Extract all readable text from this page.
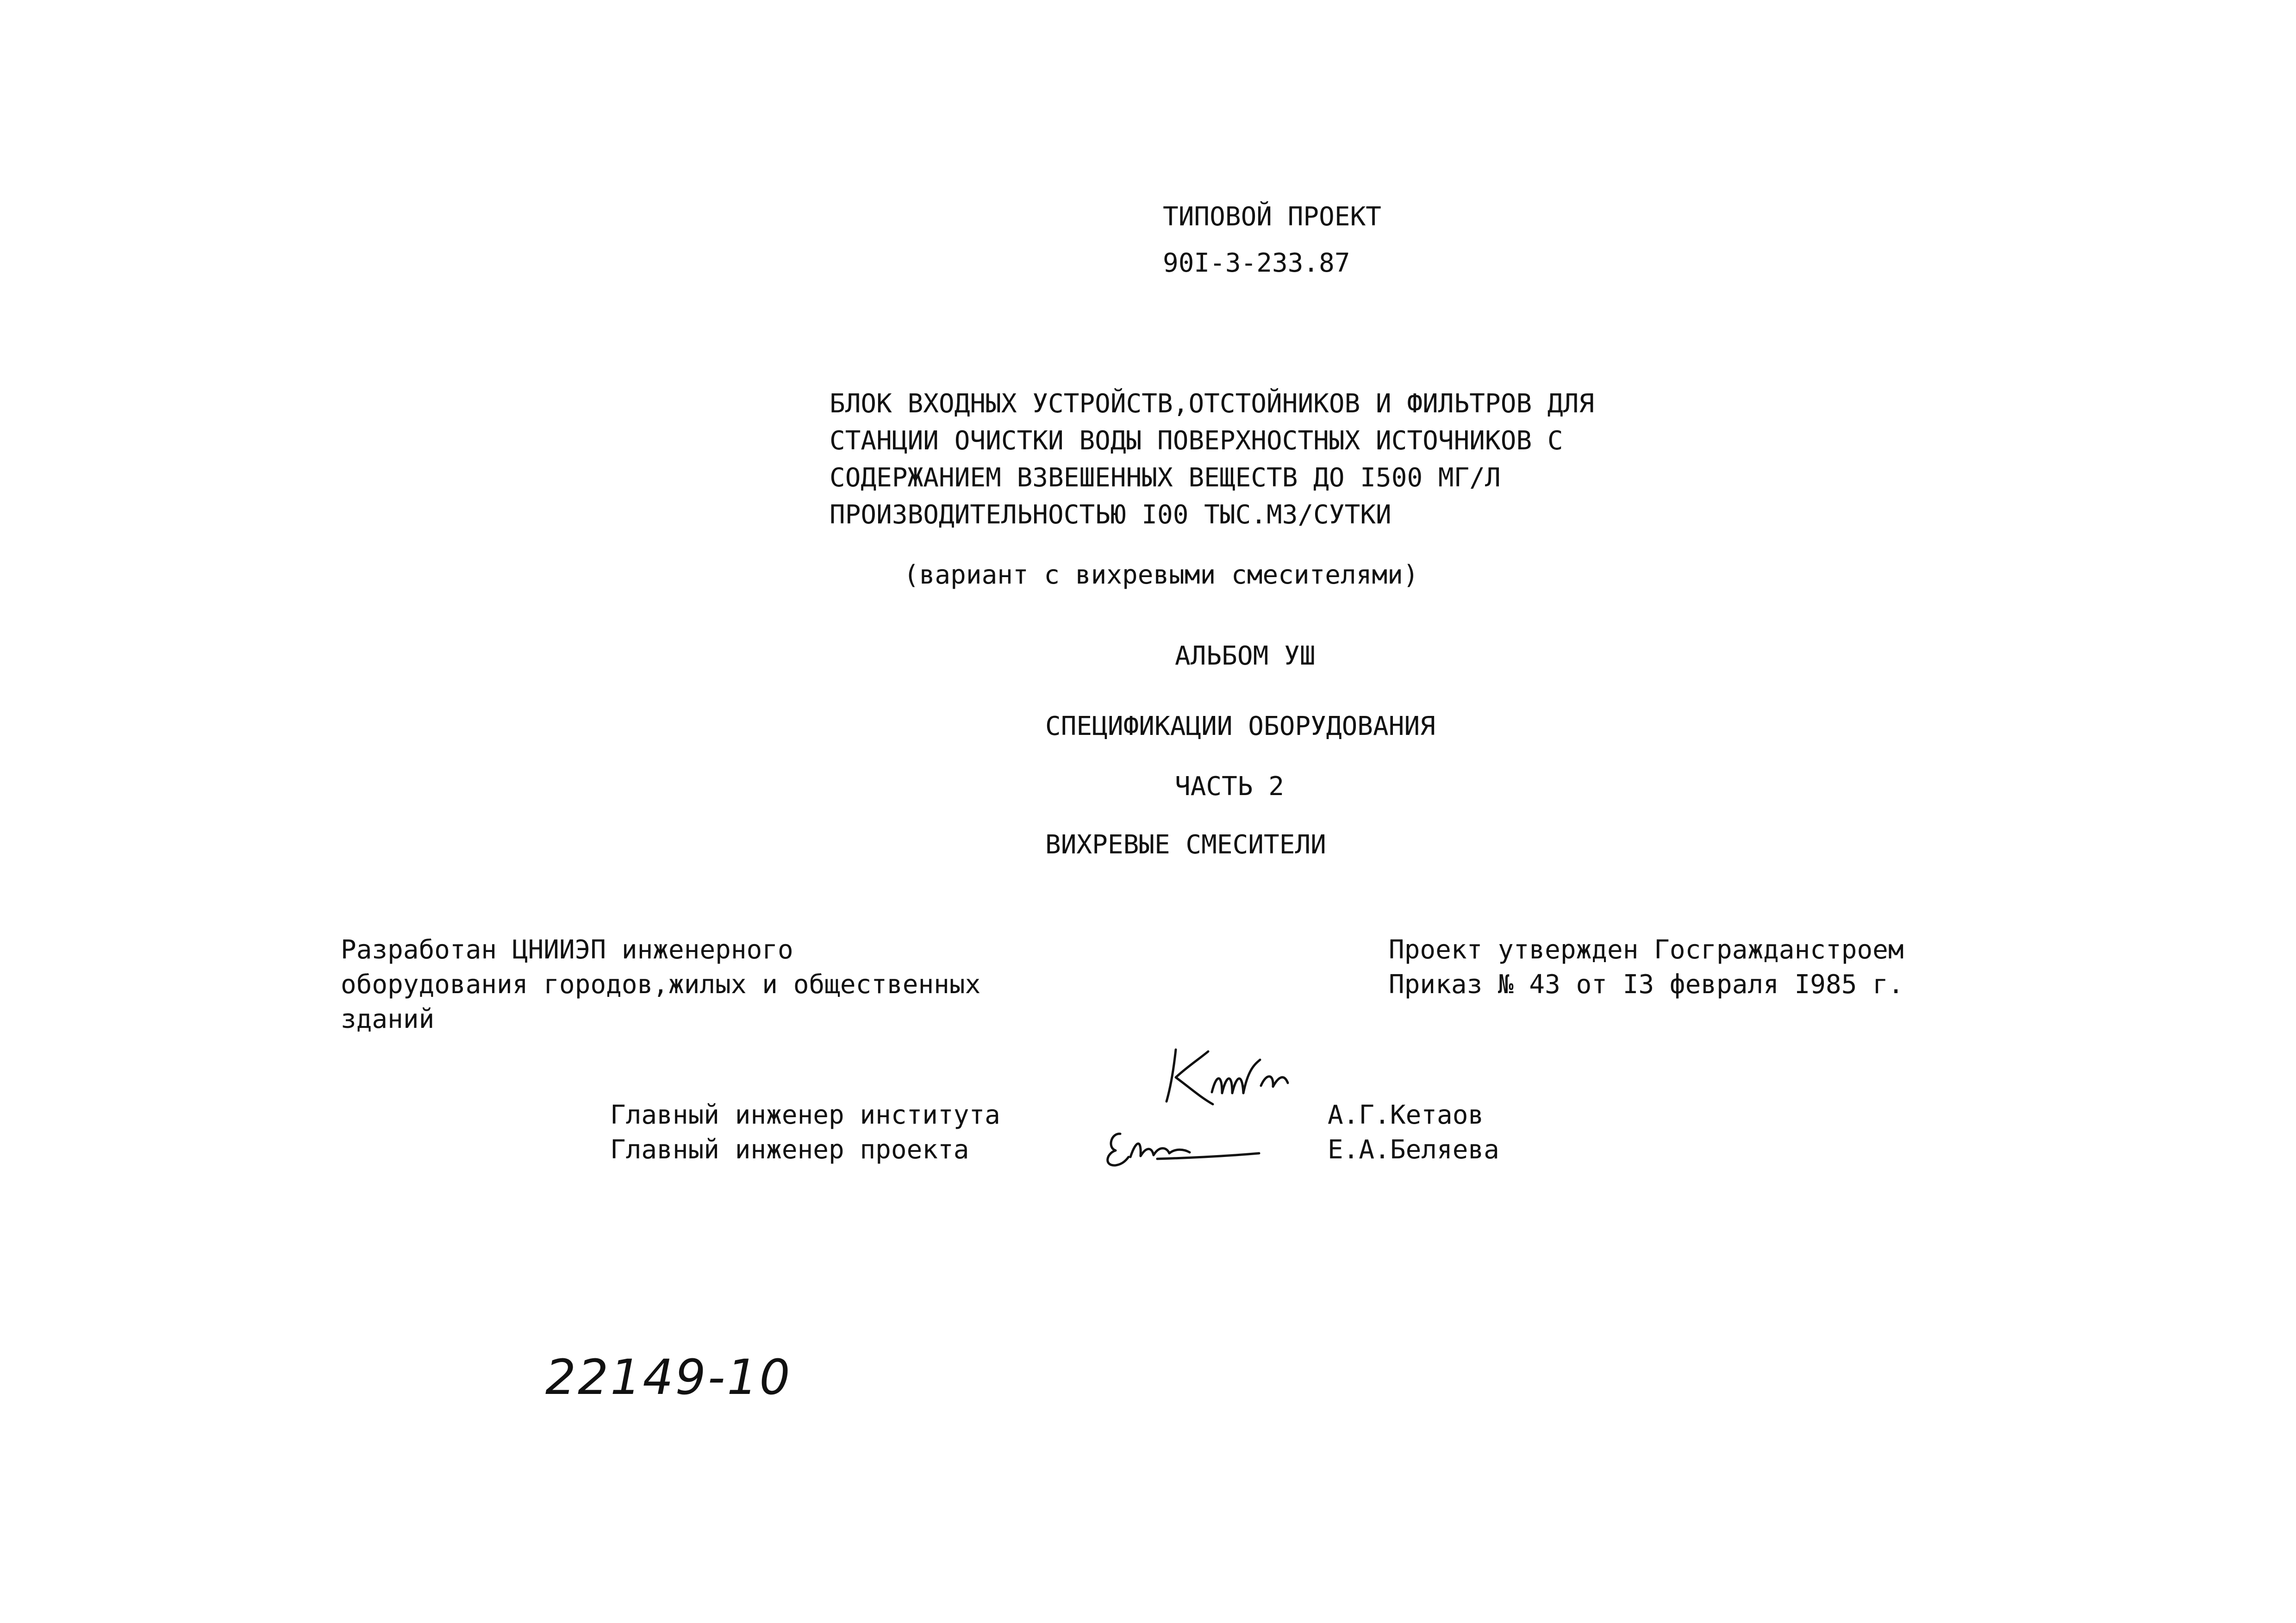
ТИПОВОЙ ПРОЕКТ
90I-3-233.87
БЛОК ВХОДНЫХ УСТРОЙСТВ,ОТСТОЙНИКОВ И ФИЛЬТРОВ ДЛЯ
СТАНЦИИ ОЧИСТКИ ВОДЫ ПОВЕРХНОСТНЫХ ИСТОЧНИКОВ С
СОДЕРЖАНИЕМ ВЗВЕШЕННЫХ ВЕЩЕСТВ ДО I500 МГ/Л
ПРОИЗВОДИТЕЛЬНОСТЬЮ I00 ТЫС.М3/СУТКИ
(вариант с вихревыми смесителями)
АЛЬБОМ УШ
СПЕЦИФИКАЦИИ ОБОРУДОВАНИЯ
ЧАСТЬ 2
ВИХРЕВЫЕ СМЕСИТЕЛИ
Разработан ЦНИИЭП инженерного
оборудования городов,жилых и общественных
зданий
Проект утвержден Госгражданстроем
Приказ № 43 от I3 февраля I985 г.
Главный инженер института
Главный инженер проекта
А.Г.Кетаов
Е.А.Беляева
22149-10
